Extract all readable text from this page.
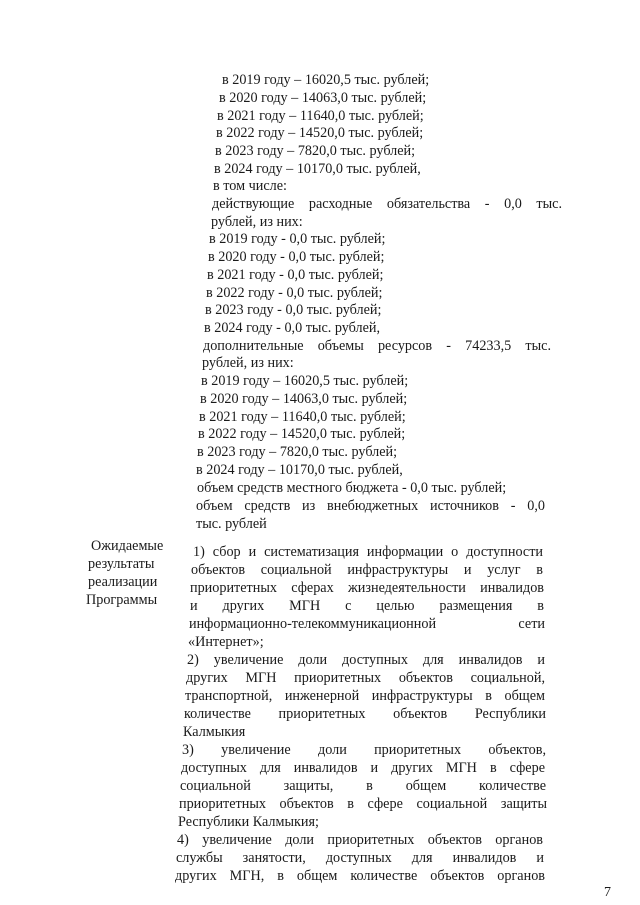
в 2019 году – 16020,5 тыс. рублей;
в 2020 году – 14063,0 тыс. рублей;
в 2021 году – 11640,0 тыс. рублей;
в 2022 году – 14520,0 тыс. рублей;
в 2023 году – 7820,0 тыс. рублей;
в 2024 году – 10170,0 тыс. рублей,
в том числе:
действующие расходные обязательства - 0,0 тыс.
рублей, из них:
в 2019 году - 0,0 тыс. рублей;
в 2020 году - 0,0 тыс. рублей;
в 2021 году - 0,0 тыс. рублей;
в 2022 году - 0,0 тыс. рублей;
в 2023 году - 0,0 тыс. рублей;
в 2024 году - 0,0 тыс. рублей,
дополнительные объемы ресурсов - 74233,5 тыс.
рублей, из них:
в 2019 году – 16020,5 тыс. рублей;
в 2020 году – 14063,0 тыс. рублей;
в 2021 году – 11640,0 тыс. рублей;
в 2022 году – 14520,0 тыс. рублей;
в 2023 году – 7820,0 тыс. рублей;
в 2024 году – 10170,0 тыс. рублей,
объем средств местного бюджета - 0,0 тыс. рублей;
объем средств из внебюджетных источников - 0,0
тыс. рублей
Ожидаемые
результаты
реализации
Программы
1) сбор и систематизация информации о доступности
объектов социальной инфраструктуры и услуг в
приоритетных сферах жизнедеятельности инвалидов
и других МГН с целью размещения в
информационно-телекоммуникационной сети
«Интернет»;
2) увеличение доли доступных для инвалидов и
других МГН приоритетных объектов социальной,
транспортной, инженерной инфраструктуры в общем
количестве приоритетных объектов Республики
Калмыкия
3) увеличение доли приоритетных объектов,
доступных для инвалидов и других МГН в сфере
социальной защиты, в общем количестве
приоритетных объектов в сфере социальной защиты
Республики Калмыкия;
4) увеличение доли приоритетных объектов органов
службы занятости, доступных для инвалидов и
других МГН, в общем количестве объектов органов
7
